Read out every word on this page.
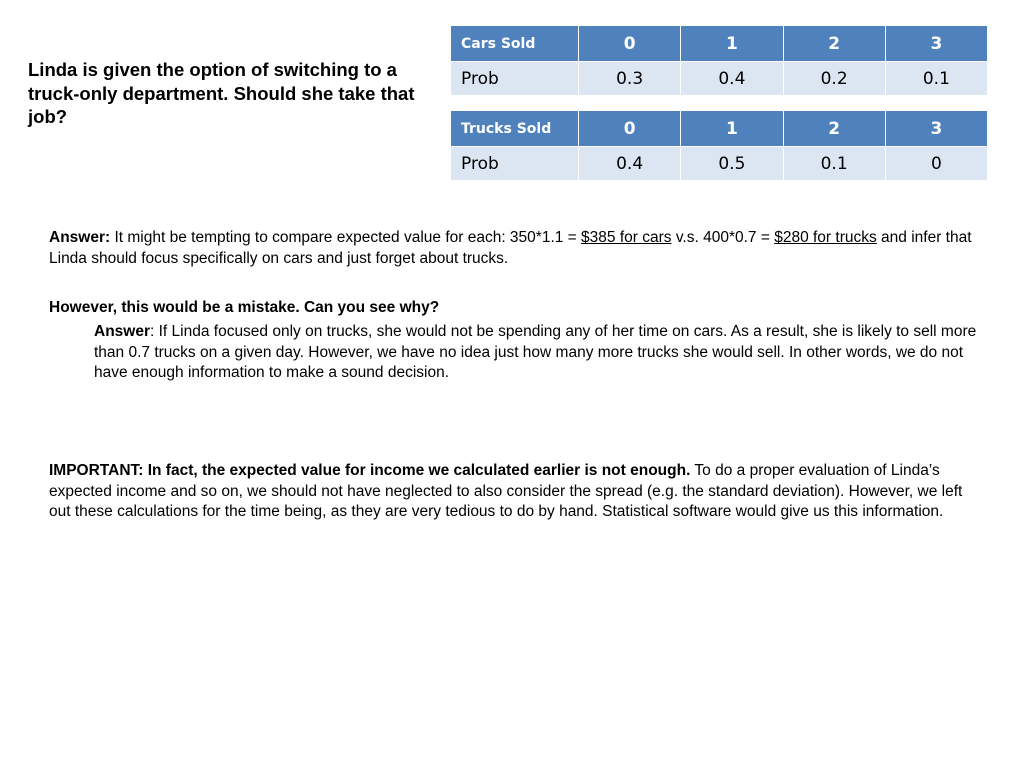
Linda is given the option of switching to a truck-only department. Should she take that job?
Cars Sold	0	1	2	3
Prob	0.3	0.4	0.2	0.1
Trucks Sold	0	1	2	3
Prob	0.4	0.5	0.1	0
Answer: It might be tempting to compare expected value for each: 350*1.1 = $385 for cars v.s. 400*0.7 = $280 for trucks and infer that Linda should focus specifically on cars and just forget about trucks.
However, this would be a mistake. Can you see why?
Answer: If Linda focused only on trucks, she would not be spending any of her time on cars. As a result, she is likely to sell more than 0.7 trucks on a given day. However, we have no idea just how many more trucks she would sell. In other words, we do not have enough information to make a sound decision.
IMPORTANT: In fact, the expected value for income we calculated earlier is not enough. To do a proper evaluation of Linda’s expected income and so on, we should not have neglected to also consider the spread (e.g. the standard deviation). However, we left out these calculations for the time being, as they are very tedious to do by hand. Statistical software would give us this information.
